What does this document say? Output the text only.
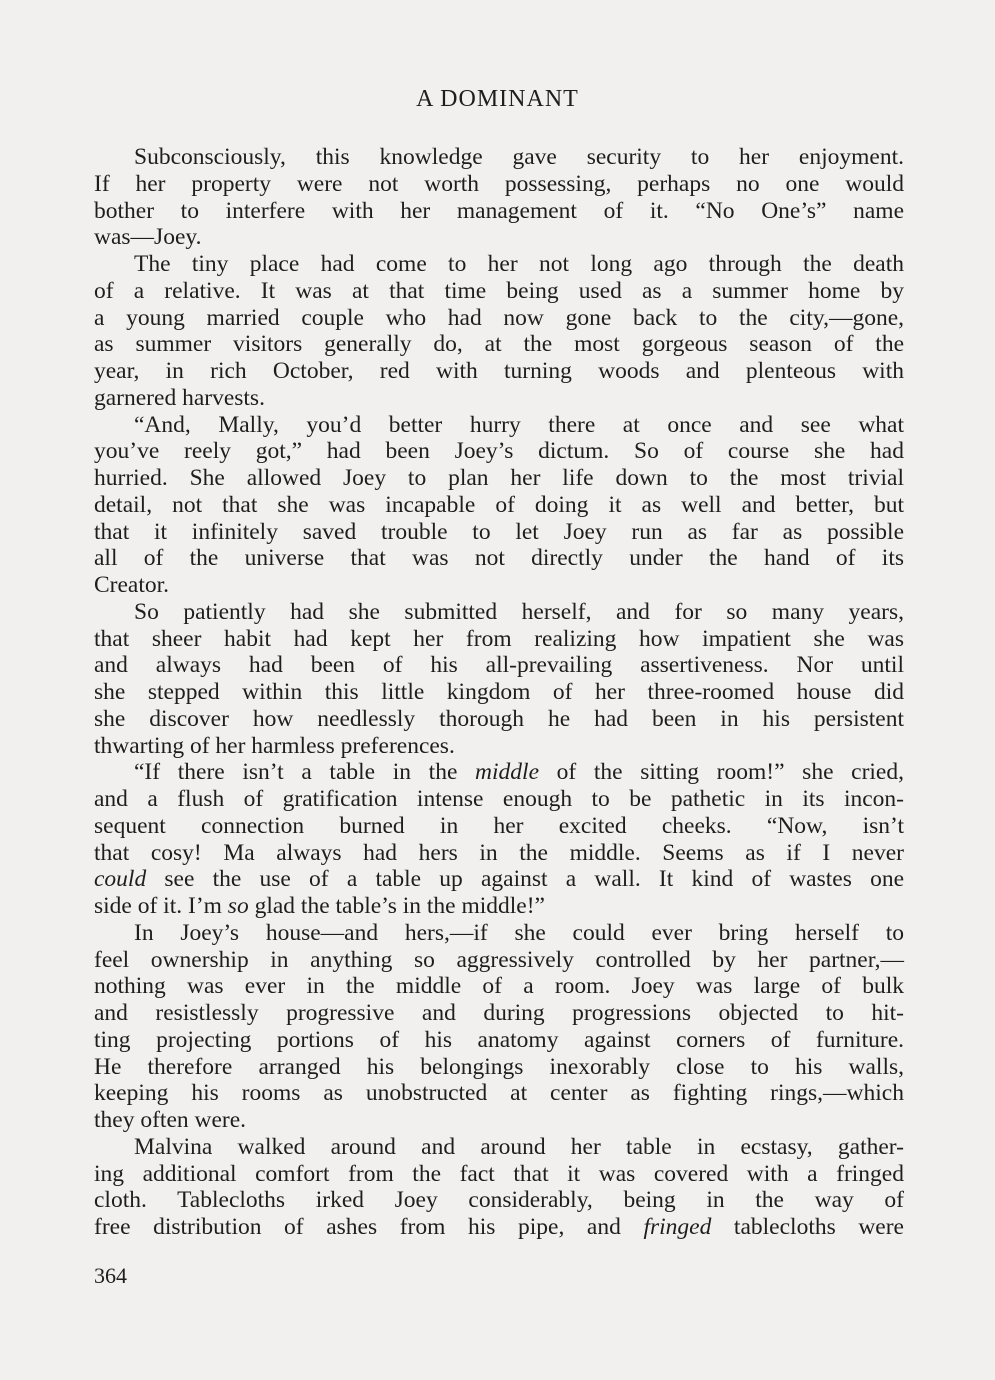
A DOMINANT
Subconsciously, this knowledge gave security to her enjoyment.
If her property were not worth possessing, perhaps no one would
bother to interfere with her management of it. “No One’s” name
was—Joey.
The tiny place had come to her not long ago through the death
of a relative. It was at that time being used as a summer home by
a young married couple who had now gone back to the city,—gone,
as summer visitors generally do, at the most gorgeous season of the
year, in rich October, red with turning woods and plenteous with
garnered harvests.
“And, Mally, you’d better hurry there at once and see what
you’ve reely got,” had been Joey’s dictum. So of course she had
hurried. She allowed Joey to plan her life down to the most trivial
detail, not that she was incapable of doing it as well and better, but
that it infinitely saved trouble to let Joey run as far as possible
all of the universe that was not directly under the hand of its
Creator.
So patiently had she submitted herself, and for so many years,
that sheer habit had kept her from realizing how impatient she was
and always had been of his all-prevailing assertiveness. Nor until
she stepped within this little kingdom of her three-roomed house did
she discover how needlessly thorough he had been in his persistent
thwarting of her harmless preferences.
“If there isn’t a table in the middle of the sitting room!” she cried,
and a flush of gratification intense enough to be pathetic in its incon-
sequent connection burned in her excited cheeks. “Now, isn’t
that cosy! Ma always had hers in the middle. Seems as if I never
could see the use of a table up against a wall. It kind of wastes one
side of it. I’m so glad the table’s in the middle!”
In Joey’s house—and hers,—if she could ever bring herself to
feel ownership in anything so aggressively controlled by her partner,—
nothing was ever in the middle of a room. Joey was large of bulk
and resistlessly progressive and during progressions objected to hit-
ting projecting portions of his anatomy against corners of furniture.
He therefore arranged his belongings inexorably close to his walls,
keeping his rooms as unobstructed at center as fighting rings,—which
they often were.
Malvina walked around and around her table in ecstasy, gather-
ing additional comfort from the fact that it was covered with a fringed
cloth. Tablecloths irked Joey considerably, being in the way of
free distribution of ashes from his pipe, and fringed tablecloths were
364
